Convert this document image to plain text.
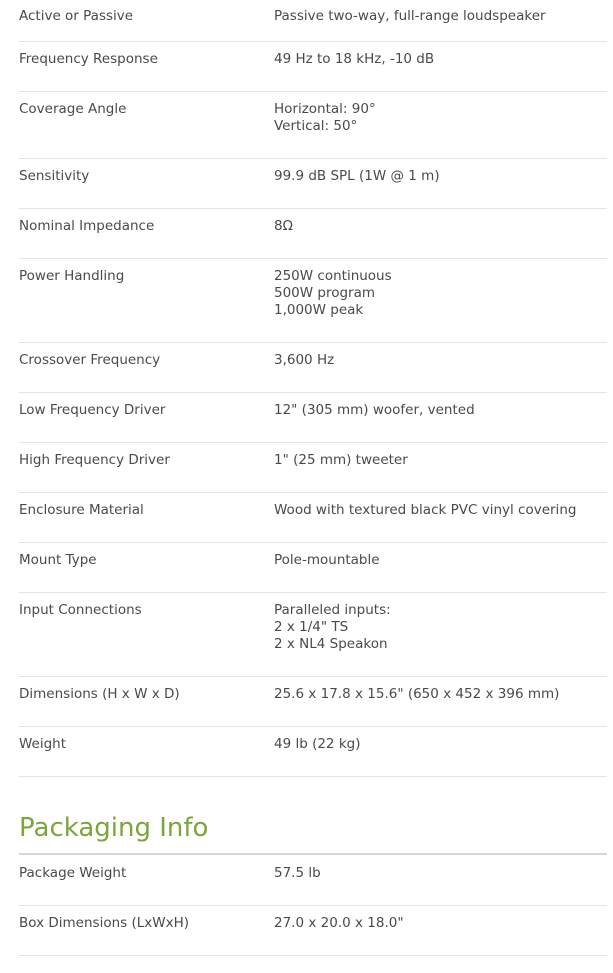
Active or Passive	Passive two-way, full-range loudspeaker
Frequency Response	49 Hz to 18 kHz, -10 dB
Coverage Angle	Horizontal: 90°
Vertical: 50°
Sensitivity	99.9 dB SPL (1W @ 1 m)
Nominal Impedance	8Ω
Power Handling	250W continuous
500W program
1,000W peak
Crossover Frequency	3,600 Hz
Low Frequency Driver	12" (305 mm) woofer, vented
High Frequency Driver	1" (25 mm) tweeter
Enclosure Material	Wood with textured black PVC vinyl covering
Mount Type	Pole-mountable
Input Connections	Paralleled inputs:
2 x 1/4" TS
2 x NL4 Speakon
Dimensions (H x W x D)	25.6 x 17.8 x 15.6" (650 x 452 x 396 mm)
Weight	49 lb (22 kg)
Packaging Info
Package Weight	57.5 lb
Box Dimensions (LxWxH)	27.0 x 20.0 x 18.0"
